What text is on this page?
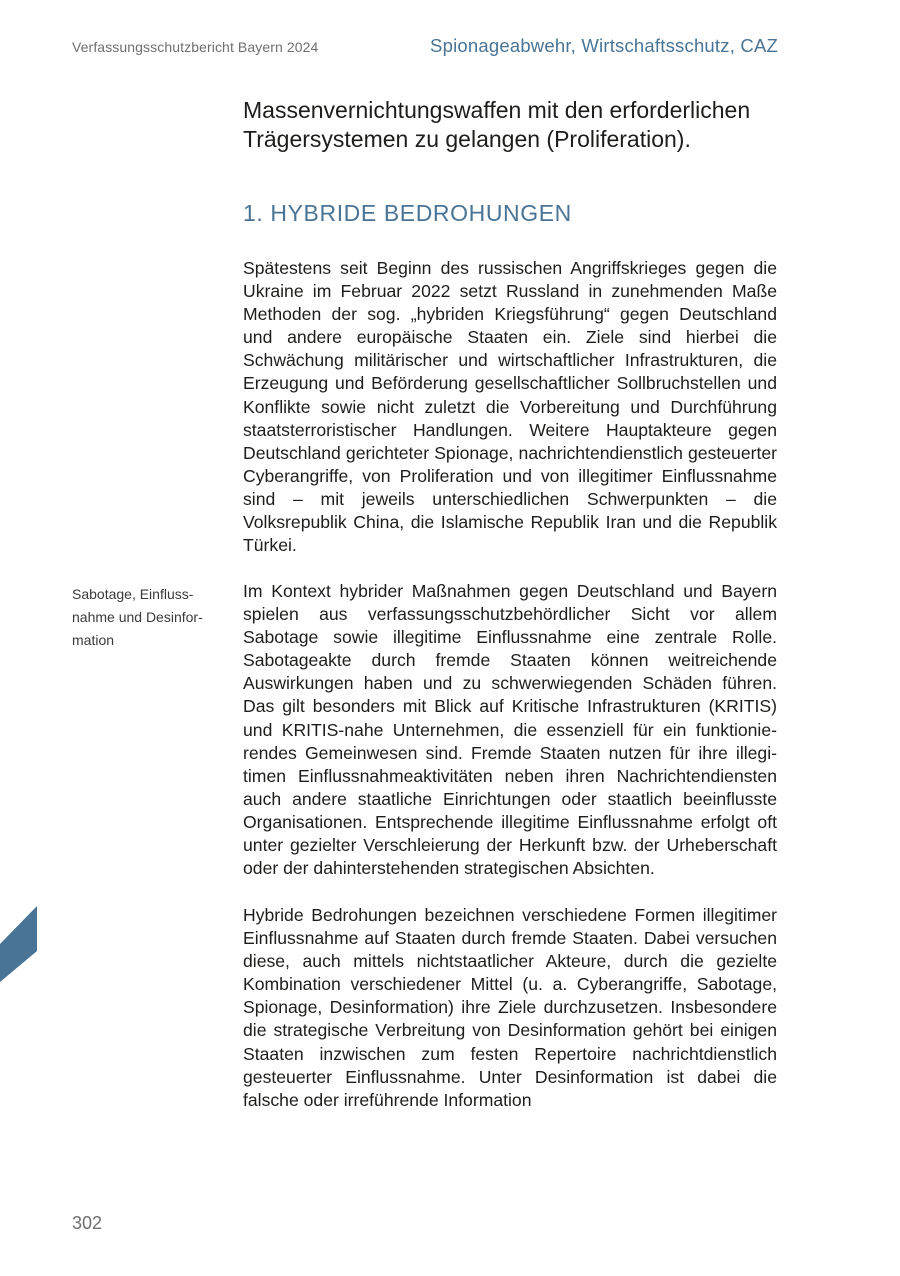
Verfassungsschutzbericht Bayern 2024	Spionageabwehr, Wirtschaftsschutz, CAZ

Massenvernichtungswaffen mit den erforderlichen Trägersystemen zu gelangen (Proliferation).

1. HYBRIDE BEDROHUNGEN

Spätestens seit Beginn des russischen Angriffskrieges gegen die Ukraine im Februar 2022 setzt Russland in zunehmenden Maße Methoden der sog. „hybriden Kriegsführung“ gegen Deutschland und andere europäische Staaten ein. Ziele sind hierbei die Schwächung militärischer und wirtschaftlicher Infrastrukturen, die Erzeugung und Beförderung gesellschaftlicher Sollbruchstellen und Konflikte sowie nicht zuletzt die Vorbereitung und Durchführung staatsterroristischer Handlungen. Weitere Hauptakteure gegen Deutschland gerichteter Spionage, nachrichtendienstlich gesteuerter Cyberangriffe, von Proliferation und von illegitimer Einflussnahme sind – mit jeweils unterschiedlichen Schwerpunkten – die Volksrepublik China, die Islamische Republik Iran und die Republik Türkei.

Sabotage, Einflussnahme und Desinformation

Im Kontext hybrider Maßnahmen gegen Deutschland und Bayern spielen aus verfassungsschutzbehördlicher Sicht vor allem Sabotage sowie illegitime Einflussnahme eine zentrale Rolle. Sabotageakte durch fremde Staaten können weitreichende Auswirkungen haben und zu schwerwiegenden Schäden führen. Das gilt besonders mit Blick auf Kritische Infrastrukturen (KRITIS) und KRITIS-nahe Unternehmen, die essenziell für ein funktionierendes Gemeinwesen sind. Fremde Staaten nutzen für ihre illegitimen Einflussnahmeaktivitäten neben ihren Nachrichtendiensten auch andere staatliche Einrichtungen oder staatlich beeinflusste Organisationen. Entsprechende illegitime Einflussnahme erfolgt oft unter gezielter Verschleierung der Herkunft bzw. der Urheberschaft oder der dahinterstehenden strategischen Absichten.

Hybride Bedrohungen bezeichnen verschiedene Formen illegitimer Einflussnahme auf Staaten durch fremde Staaten. Dabei versuchen diese, auch mittels nichtstaatlicher Akteure, durch die gezielte Kombination verschiedener Mittel (u. a. Cyberangriffe, Sabotage, Spionage, Desinformation) ihre Ziele durchzusetzen. Insbesondere die strategische Verbreitung von Desinformation gehört bei einigen Staaten inzwischen zum festen Repertoire nachrichtdienstlich gesteuerter Einflussnahme. Unter Desinformation ist dabei die falsche oder irreführende Information

302
